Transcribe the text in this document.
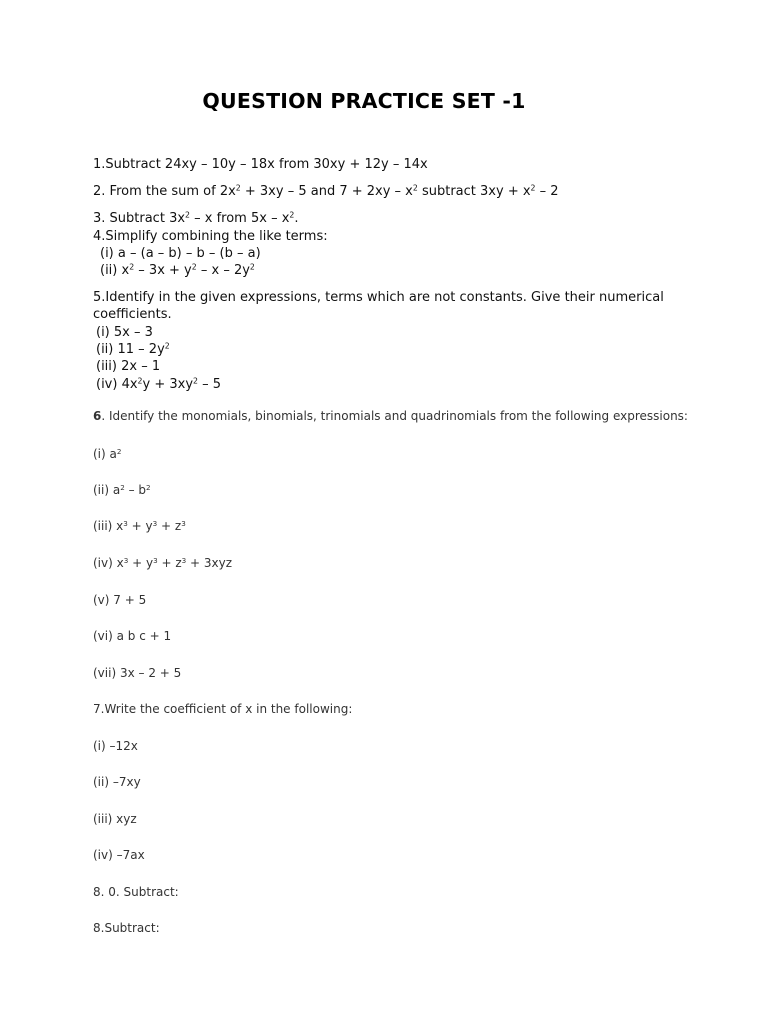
QUESTION PRACTICE SET -1
1.Subtract 24xy – 10y – 18x from 30xy + 12y – 14x
2. From the sum of $2x^2 + 3xy - 5$ and $7 + 2xy - x^2$ subtract $3xy + x^2 - 2$
3. Subtract $3x^2$ – x from $5x - x^2$.
4.Simplify combining the like terms:
(i) a – (a – b) – b – (b – a)
(ii) $x^2 - 3x + y^2 - x - 2y^2$
5.Identify in the given expressions, terms which are not constants. Give their numerical
coefficients.
(i) 5x – 3
(ii) $11 - 2y^2$
(iii) 2x – 1
(iv) $4x^2y + 3xy^2 - 5$
6. Identify the monomials, binomials, trinomials and quadrinomials from the following expressions:
(i) $a^2$
(ii) $a^2 - b^2$
(iii) $x^3 + y^3 + z^3$
(iv) $x^3 + y^3 + z^3 + 3xyz$
(v) 7 + 5
(vi) a b c + 1
(vii) 3x – 2 + 5
7.Write the coefficient of x in the following:
(i) –12x
(ii) –7xy
(iii) xyz
(iv) –7ax
8. 0. Subtract:
8.Subtract:
